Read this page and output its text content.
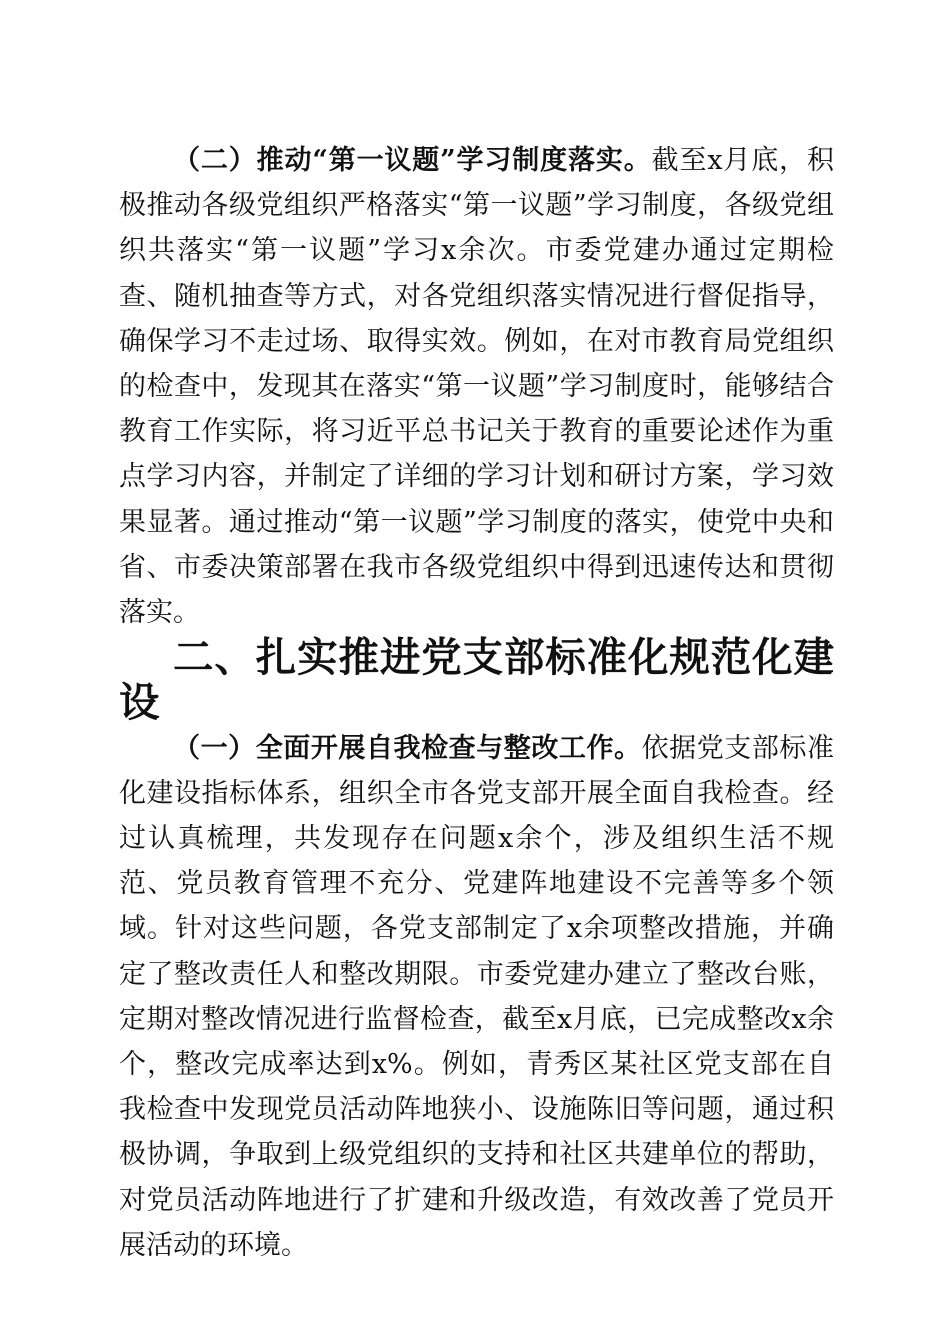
（二）推动“第一议题”学习制度落实。截至x月底，积极推动各级党组织严格落实“第一议题”学习制度，各级党组织共落实“第一议题”学习x余次。市委党建办通过定期检查、随机抽查等方式，对各党组织落实情况进行督促指导，确保学习不走过场、取得实效。例如，在对市教育局党组织的检查中，发现其在落实“第一议题”学习制度时，能够结合教育工作实际，将习近平总书记关于教育的重要论述作为重点学习内容，并制定了详细的学习计划和研讨方案，学习效果显著。通过推动“第一议题”学习制度的落实，使党中央和省、市委决策部署在我市各级党组织中得到迅速传达和贯彻落实。

二、扎实推进党支部标准化规范化建设

（一）全面开展自我检查与整改工作。依据党支部标准化建设指标体系，组织全市各党支部开展全面自我检查。经过认真梳理，共发现存在问题x余个，涉及组织生活不规范、党员教育管理不充分、党建阵地建设不完善等多个领域。针对这些问题，各党支部制定了x余项整改措施，并确定了整改责任人和整改期限。市委党建办建立了整改台账，定期对整改情况进行监督检查，截至x月底，已完成整改x余个，整改完成率达到x%。例如，青秀区某社区党支部在自我检查中发现党员活动阵地狭小、设施陈旧等问题，通过积极协调，争取到上级党组织的支持和社区共建单位的帮助，对党员活动阵地进行了扩建和升级改造，有效改善了党员开展活动的环境。
